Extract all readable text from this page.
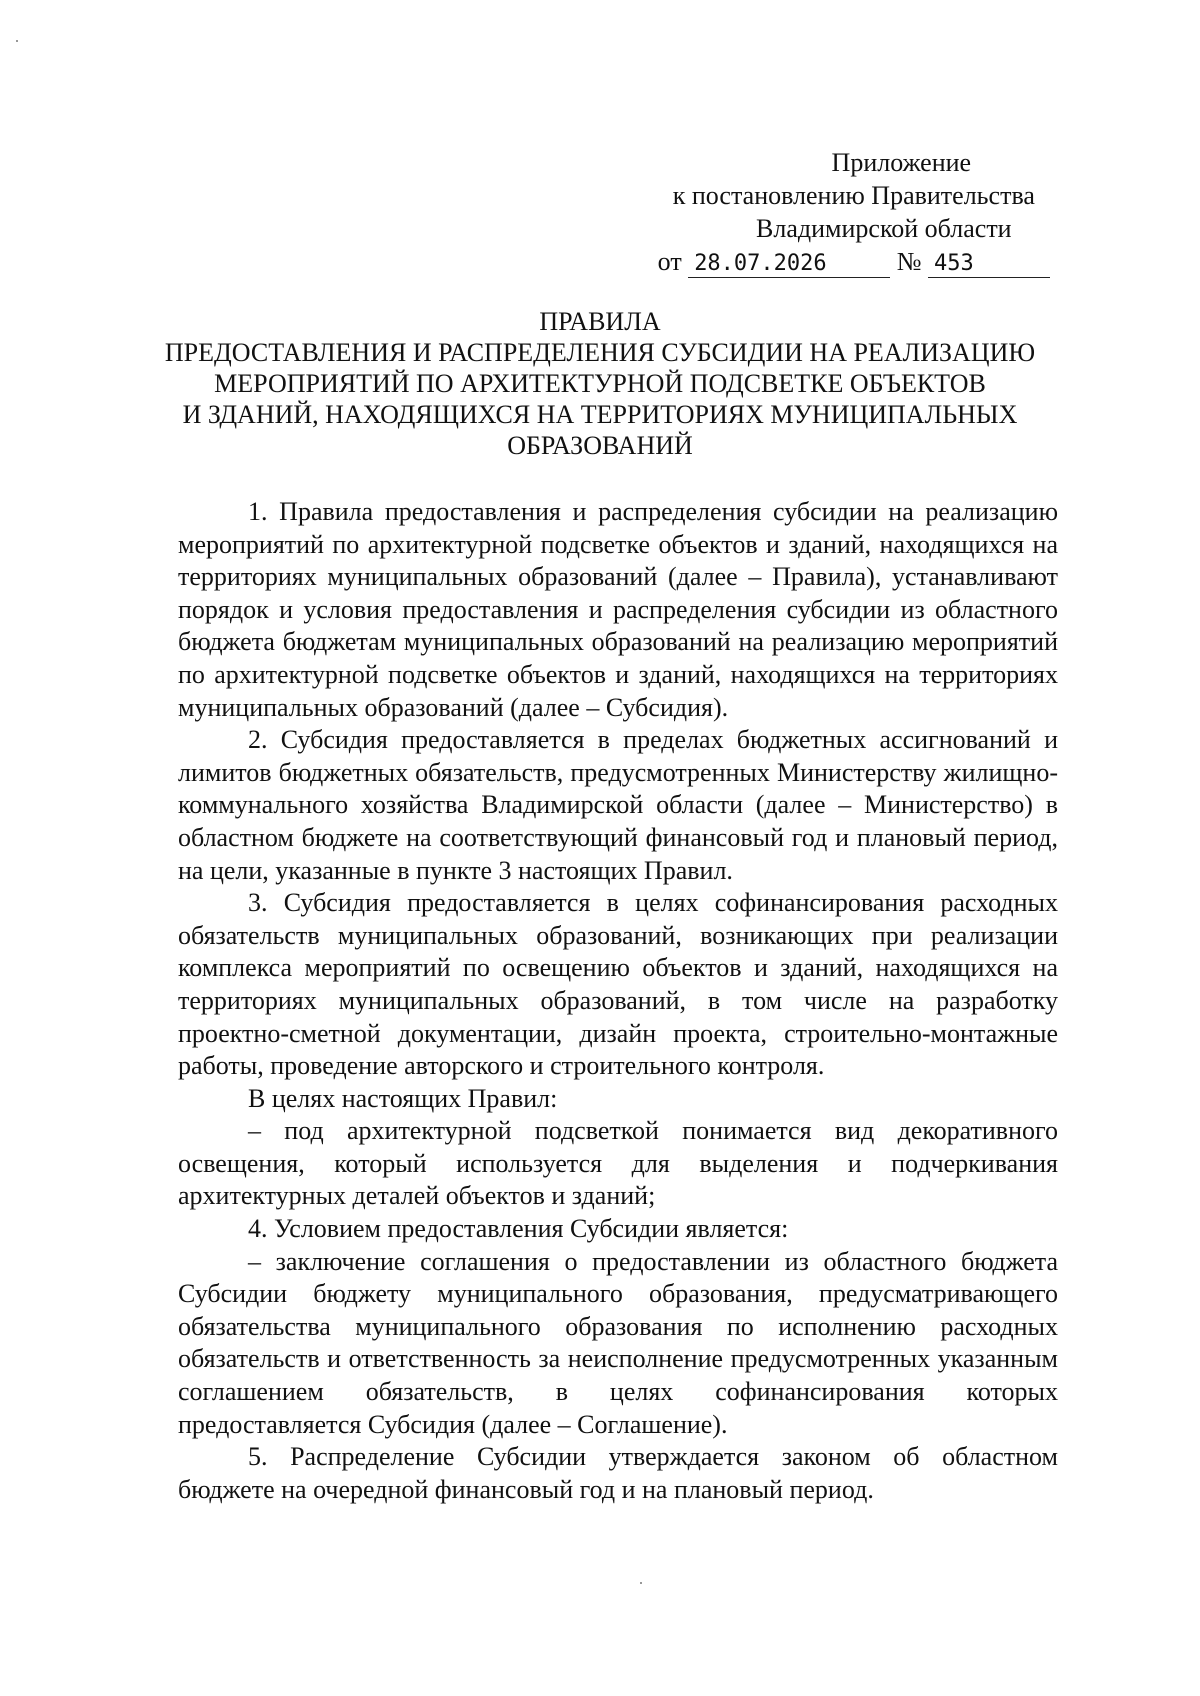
Приложение
к постановлению Правительства
Владимирской области
от 28.07.2026	№ 453
ПРАВИЛА
ПРЕДОСТАВЛЕНИЯ И РАСПРЕДЕЛЕНИЯ СУБСИДИИ НА РЕАЛИЗАЦИЮ
МЕРОПРИЯТИЙ ПО АРХИТЕКТУРНОЙ ПОДСВЕТКЕ ОБЪЕКТОВ
И ЗДАНИЙ, НАХОДЯЩИХСЯ НА ТЕРРИТОРИЯХ МУНИЦИПАЛЬНЫХ
ОБРАЗОВАНИЙ

1. Правила предоставления и распределения субсидии на реализацию мероприятий по архитектурной подсветке объектов и зданий, находящихся на территориях муниципальных образований (далее – Правила), устанавливают порядок и условия предоставления и распределения субсидии из областного бюджета бюджетам муниципальных образований на реализацию мероприятий по архитектурной подсветке объектов и зданий, находящихся на территориях муниципальных образований (далее – Субсидия).

2. Субсидия предоставляется в пределах бюджетных ассигнований и лимитов бюджетных обязательств, предусмотренных Министерству жилищно-коммунального хозяйства Владимирской области (далее – Министерство) в областном бюджете на соответствующий финансовый год и плановый период, на цели, указанные в пункте 3 настоящих Правил.

3. Субсидия предоставляется в целях софинансирования расходных обязательств муниципальных образований, возникающих при реализации комплекса мероприятий по освещению объектов и зданий, находящихся на территориях муниципальных образований, в том числе на разработку проектно-сметной документации, дизайн проекта, строительно-монтажные работы, проведение авторского и строительного контроля.

В целях настоящих Правил:

– под архитектурной подсветкой понимается вид декоративного освещения, который используется для выделения и подчеркивания архитектурных деталей объектов и зданий;

4. Условием предоставления Субсидии является:

– заключение соглашения о предоставлении из областного бюджета Субсидии бюджету муниципального образования, предусматривающего обязательства муниципального образования по исполнению расходных обязательств и ответственность за неисполнение предусмотренных указанным соглашением обязательств, в целях софинансирования которых предоставляется Субсидия (далее – Соглашение).

5. Распределение Субсидии утверждается законом об областном бюджете на очередной финансовый год и на плановый период.
